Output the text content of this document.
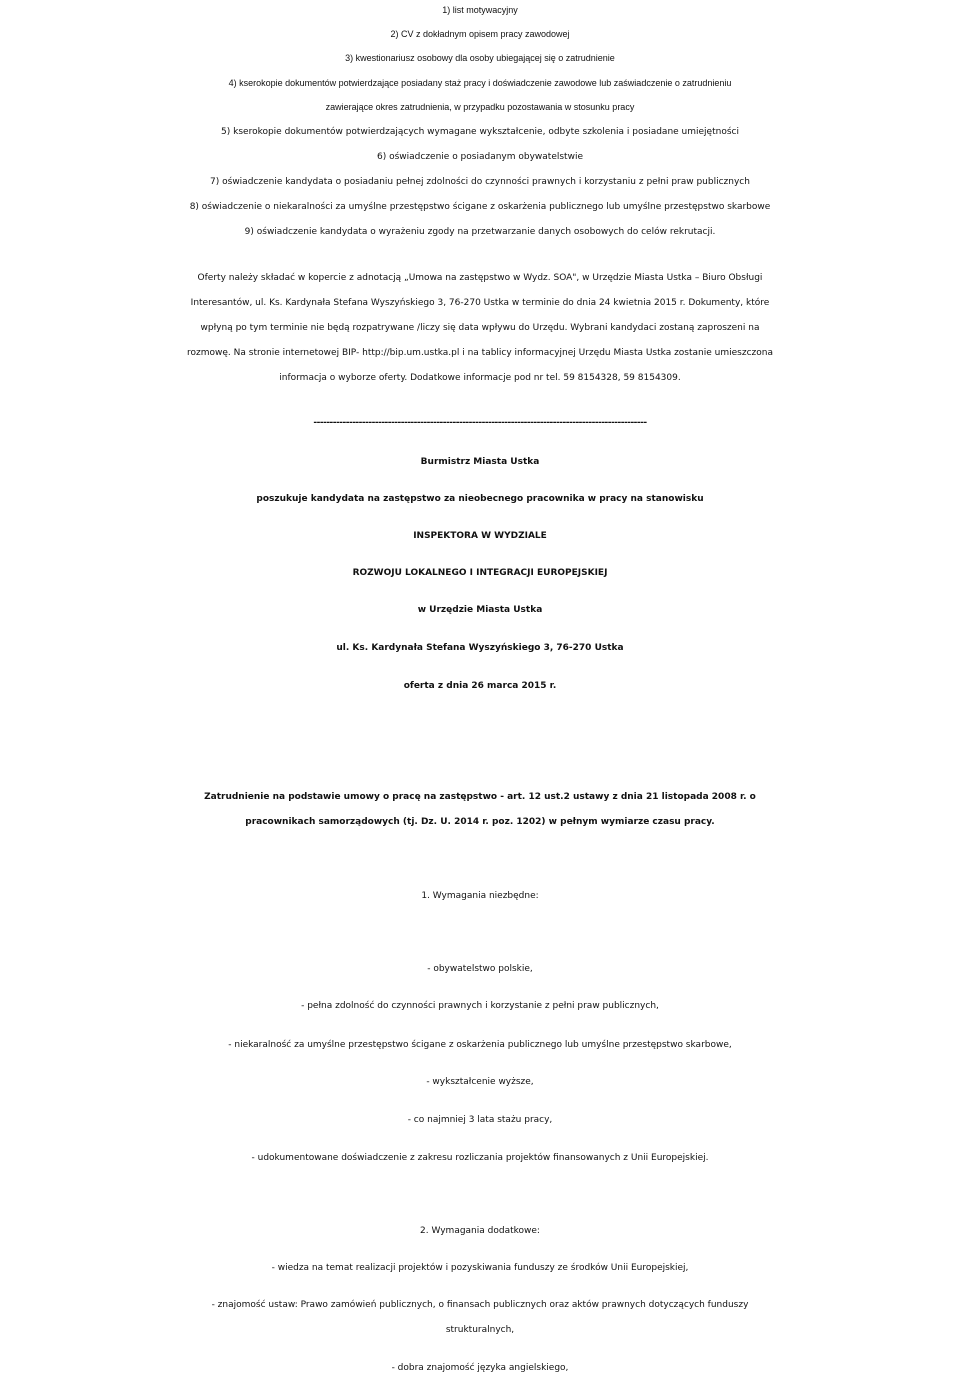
1) list motywacyjny
2) CV z dokładnym opisem pracy zawodowej
3) kwestionariusz osobowy dla osoby ubiegającej się o zatrudnienie
4) kserokopie dokumentów potwierdzające posiadany staż pracy i doświadczenie zawodowe lub zaświadczenie o zatrudnieniu
zawierające okres zatrudnienia, w przypadku pozostawania w stosunku pracy
5) kserokopie dokumentów potwierdzających wymagane wykształcenie, odbyte szkolenia i posiadane umiejętności
6) oświadczenie o posiadanym obywatelstwie
7) oświadczenie kandydata o posiadaniu pełnej zdolności do czynności prawnych i korzystaniu z pełni praw publicznych
8) oświadczenie o niekaralności za umyślne przestępstwo ścigane z oskarżenia publicznego lub umyślne przestępstwo skarbowe
9) oświadczenie kandydata o wyrażeniu zgody na przetwarzanie danych osobowych do celów rekrutacji.
Oferty należy składać w kopercie z adnotacją „Umowa na zastępstwo w Wydz. SOA", w Urzędzie Miasta Ustka – Biuro Obsługi
Interesantów, ul. Ks. Kardynała Stefana Wyszyńskiego 3, 76-270 Ustka w terminie do dnia 24 kwietnia 2015 r. Dokumenty, które
wpłyną po tym terminie nie będą rozpatrywane /liczy się data wpływu do Urzędu. Wybrani kandydaci zostaną zaproszeni na
rozmowę. Na stronie internetowej BIP- http://bip.um.ustka.pl i na tablicy informacyjnej Urzędu Miasta Ustka zostanie umieszczona
informacja o wyborze oferty. Dodatkowe informacje pod nr tel. 59 8154328, 59 8154309.
-------------------------------------------------------------------------------------------------------
Burmistrz Miasta Ustka
poszukuje kandydata na zastępstwo za nieobecnego pracownika w pracy na stanowisku
INSPEKTORA W WYDZIALE
ROZWOJU LOKALNEGO I INTEGRACJI EUROPEJSKIEJ
w Urzędzie Miasta Ustka
ul. Ks. Kardynała Stefana Wyszyńskiego 3, 76-270 Ustka
oferta z dnia 26 marca 2015 r.
Zatrudnienie na podstawie umowy o pracę na zastępstwo - art. 12 ust.2 ustawy z dnia 21 listopada 2008 r. o
pracownikach samorządowych (tj. Dz. U. 2014 r. poz. 1202) w pełnym wymiarze czasu pracy.
1. Wymagania niezbędne:
- obywatelstwo polskie,
- pełna zdolność do czynności prawnych i korzystanie z pełni praw publicznych,
- niekaralność za umyślne przestępstwo ścigane z oskarżenia publicznego lub umyślne przestępstwo skarbowe,
- wykształcenie wyższe,
- co najmniej 3 lata stażu pracy,
- udokumentowane doświadczenie z zakresu rozliczania projektów finansowanych z Unii Europejskiej.
2. Wymagania dodatkowe:
- wiedza na temat realizacji projektów i pozyskiwania funduszy ze środków Unii Europejskiej,
- znajomość ustaw: Prawo zamówień publicznych, o finansach publicznych oraz aktów prawnych dotyczących funduszy
strukturalnych,
- dobra znajomość języka angielskiego,
